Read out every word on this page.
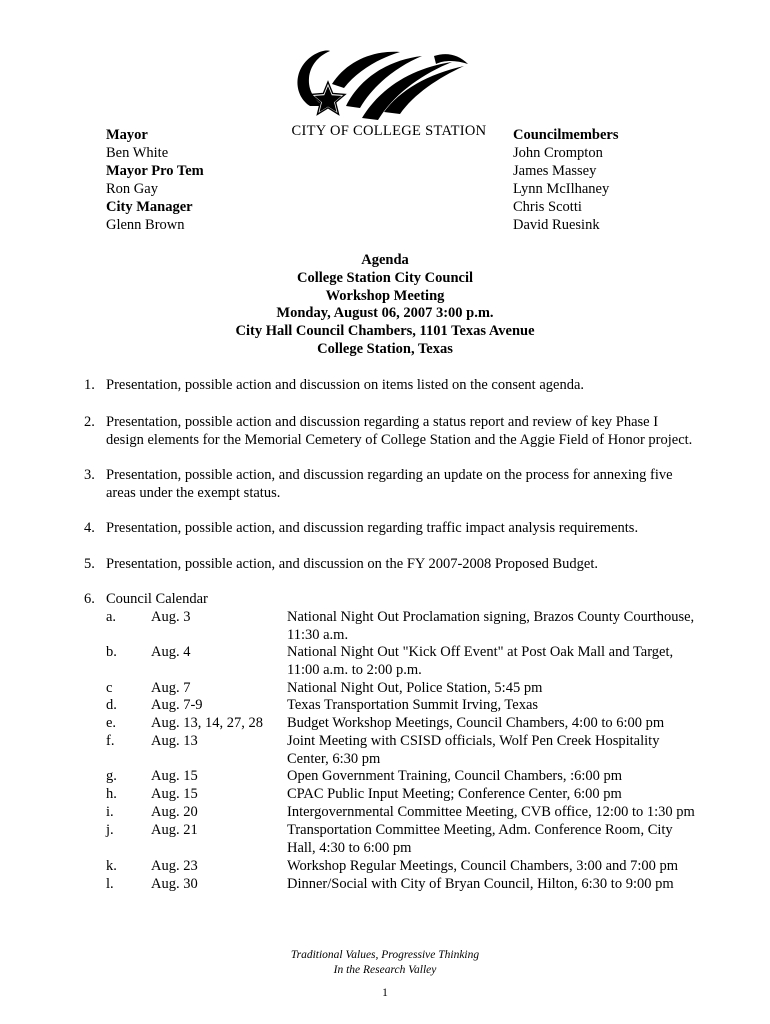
CITY OF COLLEGE STATION
Mayor
Ben White
Mayor Pro Tem
Ron Gay
City Manager
Glenn Brown
Councilmembers
John Crompton
James Massey
Lynn McIlhaney
Chris Scotti
David Ruesink
Agenda
College Station City Council
Workshop Meeting
Monday, August 06, 2007 3:00 p.m.
City Hall Council Chambers, 1101 Texas Avenue
College Station, Texas
1. Presentation, possible action and discussion on items listed on the consent agenda.
2. Presentation, possible action and discussion regarding a status report and review of key Phase I
design elements for the Memorial Cemetery of College Station and the Aggie Field of Honor project.
3. Presentation, possible action, and discussion regarding an update on the process for annexing five
areas under the exempt status.
4. Presentation, possible action, and discussion regarding traffic impact analysis requirements.
5. Presentation, possible action, and discussion on the FY 2007-2008 Proposed Budget.
6. Council Calendar
a. Aug. 3	National Night Out Proclamation signing, Brazos County Courthouse,
11:30 a.m.
b. Aug. 4	National Night Out "Kick Off Event" at Post Oak Mall and Target,
11:00 a.m. to 2:00 p.m.
c	Aug. 7	National Night Out, Police Station, 5:45 pm
d. Aug. 7-9	Texas Transportation Summit Irving, Texas
e. Aug. 13, 14, 27, 28 Budget Workshop Meetings, Council Chambers, 4:00 to 6:00 pm
f.	Aug. 13	Joint Meeting with CSISD officials, Wolf Pen Creek Hospitality
Center, 6:30 pm
g. Aug. 15	Open Government Training, Council Chambers, :6:00 pm
h. Aug. 15	CPAC Public Input Meeting; Conference Center, 6:00 pm
i.	Aug. 20	Intergovernmental Committee Meeting, CVB office, 12:00 to 1:30 pm
j.	Aug. 21	Transportation Committee Meeting, Adm. Conference Room, City
Hall, 4:30 to 6:00 pm
k. Aug. 23	Workshop Regular Meetings, Council Chambers, 3:00 and 7:00 pm
l.	Aug. 30	Dinner/Social with City of Bryan Council, Hilton, 6:30 to 9:00 pm
Traditional Values, Progressive Thinking
In the Research Valley
1
